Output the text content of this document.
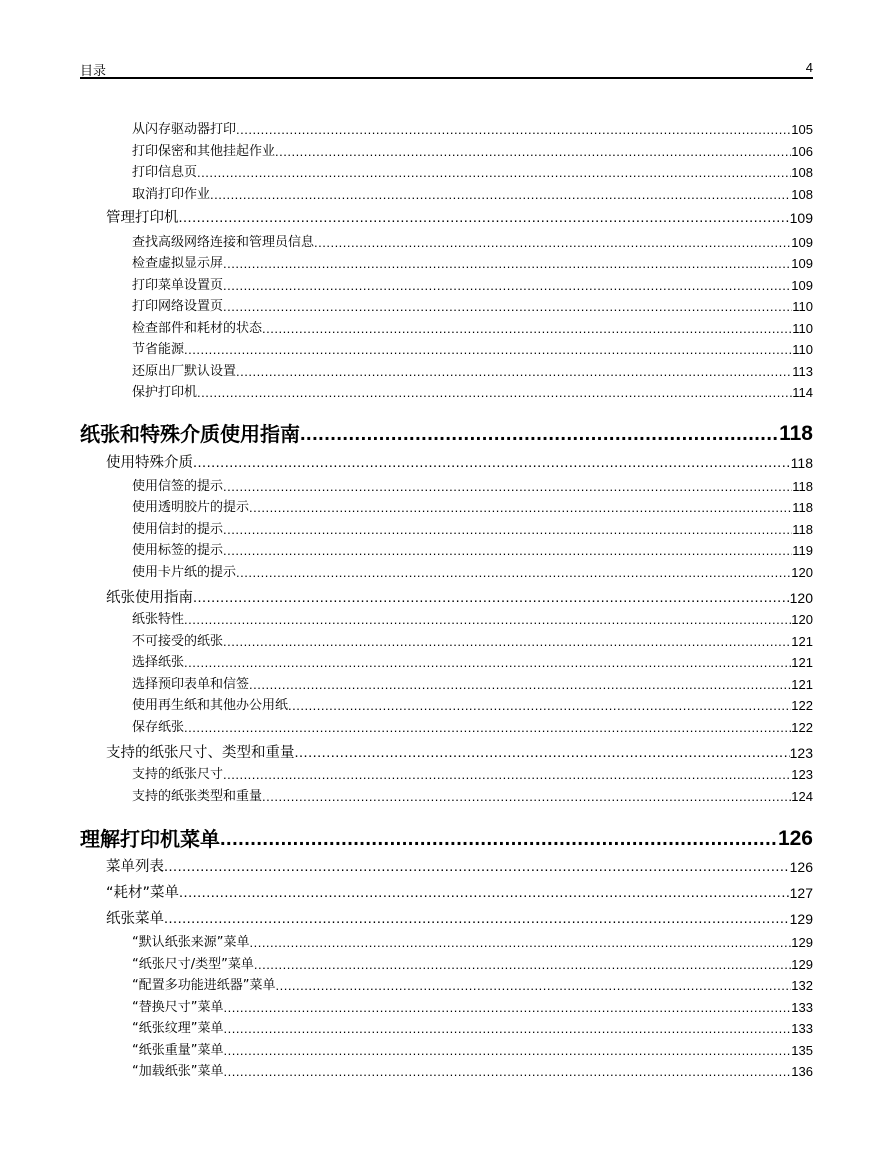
目录	4
从闪存驱动器打印 .....	105
打印保密和其他挂起作业 .....	106
打印信息页 .....	108
取消打印作业 .....	108
管理打印机 .....	109
查找高级网络连接和管理员信息 .....	109
检查虚拟显示屏 .....	109
打印菜单设置页 .....	109
打印网络设置页 .....	110
检查部件和耗材的状态 .....	110
节省能源 .....	110
还原出厂默认设置 .....	113
保护打印机 .....	114
纸张和特殊介质使用指南 .....	118
使用特殊介质 .....	118
使用信签的提示 .....	118
使用透明胶片的提示 .....	118
使用信封的提示 .....	118
使用标签的提示 .....	119
使用卡片纸的提示 .....	120
纸张使用指南 .....	120
纸张特性 .....	120
不可接受的纸张 .....	121
选择纸张 .....	121
选择预印表单和信签 .....	121
使用再生纸和其他办公用纸 .....	122
保存纸张 .....	122
支持的纸张尺寸、类型和重量 .....	123
支持的纸张尺寸 .....	123
支持的纸张类型和重量 .....	124
理解打印机菜单 .....	126
菜单列表 .....	126
“耗材”菜单 .....	127
纸张菜单 .....	129
“默认纸张来源”菜单 .....	129
“纸张尺寸/类型”菜单 .....	129
“配置多功能进纸器”菜单 .....	132
“替换尺寸”菜单 .....	133
“纸张纹理”菜单 .....	133
“纸张重量”菜单 .....	135
“加载纸张”菜单 .....	136
